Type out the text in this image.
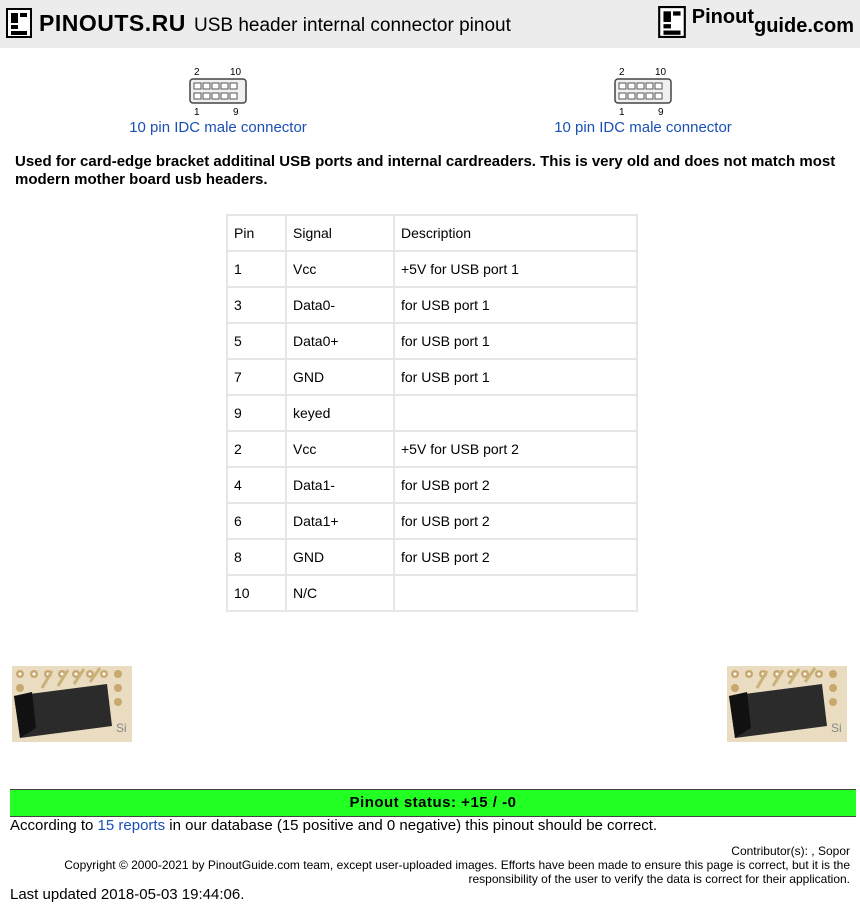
PINOUTS.RU USB header internal connector pinout	Pinout guide.com
2	10
1	9
10 pin IDC male connector
2	10
1	9
10 pin IDC male connector
Used for card-edge bracket additinal USB ports and internal cardreaders. This is very old and does not match most modern mother board usb headers.
Pin	Signal	Description
1	Vcc	+5V for USB port 1
3	Data0-	for USB port 1
5	Data0+	for USB port 1
7	GND	for USB port 1
9	keyed	
2	Vcc	+5V for USB port 2
4	Data1-	for USB port 2
6	Data1+	for USB port 2
8	GND	for USB port 2
10	N/C	
Si	Si
Pinout status: +15 / -0
According to 15 reports in our database (15 positive and 0 negative) this pinout should be correct.
Contributor(s): , Sopor
Copyright © 2000-2021 by PinoutGuide.com team, except user-uploaded images. Efforts have been made to ensure this page is correct, but it is the responsibility of the user to verify the data is correct for their application.
Last updated 2018-05-03 19:44:06.
